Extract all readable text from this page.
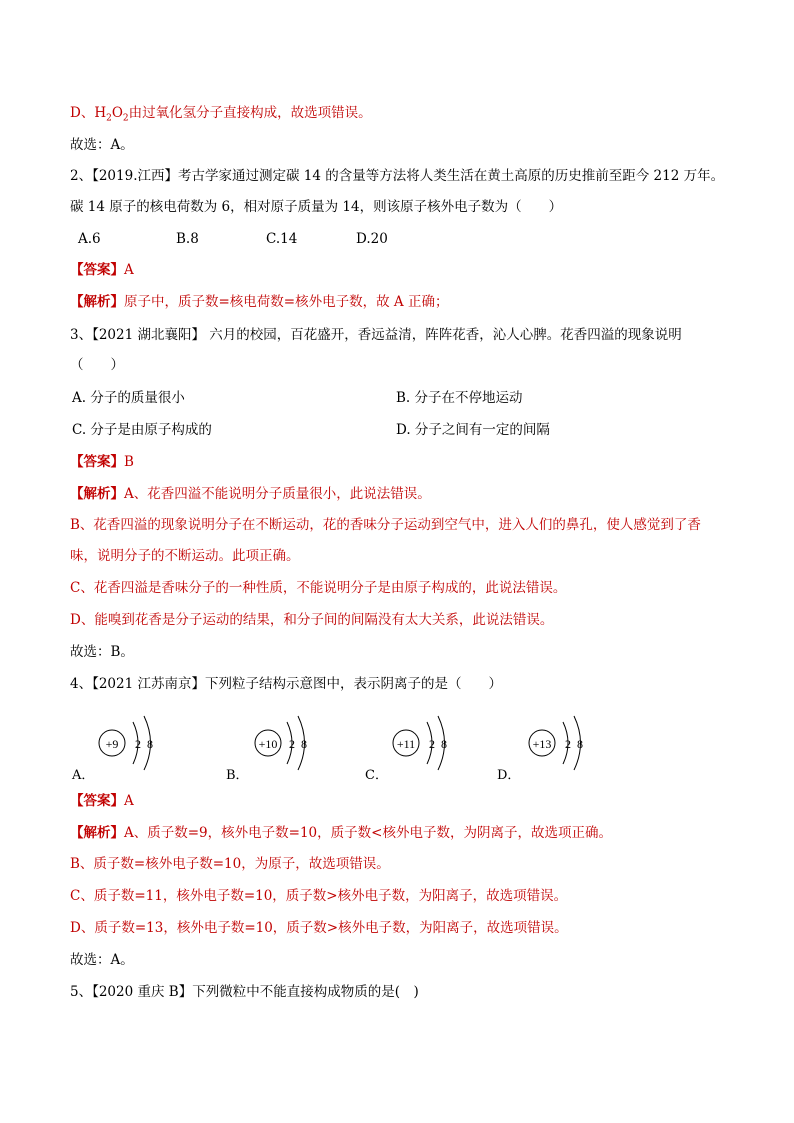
D、$H_2O_2$由过氧化氢分子直接构成，故选项错误。
故选：A。
2、【2019.江西】考古学家通过测定碳 14 的含量等方法将人类生活在黄土高原的历史推前至距今 212 万年。
碳 14 原子的核电荷数为 6，相对原子质量为 14，则该原子核外电子数为（　　）
A.6	B.8	C.14	D.20
【答案】A
【解析】原子中，质子数=核电荷数=核外电子数，故 A 正确；
3、【2021 湖北襄阳】 六月的校园，百花盛开，香远益清，阵阵花香，沁人心脾。花香四溢的现象说明
（　　）
A. 分子的质量很小	B. 分子在不停地运动
C. 分子是由原子构成的	D. 分子之间有一定的间隔
【答案】B
【解析】A、花香四溢不能说明分子质量很小，此说法错误。
B、花香四溢的现象说明分子在不断运动，花的香味分子运动到空气中，进入人们的鼻孔，使人感觉到了香
味，说明分子的不断运动。此项正确。
C、花香四溢是香味分子的一种性质，不能说明分子是由原子构成的，此说法错误。
D、能嗅到花香是分子运动的结果，和分子间的间隔没有太大关系，此说法错误。
故选：B。
4、【2021 江苏南京】下列粒子结构示意图中，表示阴离子的是（　　）
+9 2 8	+10 2 8	+11 2 8	+13 2 8
A．	B．	C．	D．
【答案】A
【解析】A、质子数=9，核外电子数=10，质子数<核外电子数，为阴离子，故选项正确。
B、质子数=核外电子数=10，为原子，故选项错误。
C、质子数=11，核外电子数=10，质子数>核外电子数，为阳离子，故选项错误。
D、质子数=13，核外电子数=10，质子数>核外电子数，为阳离子，故选项错误。
故选：A。
5、【2020 重庆 B】下列微粒中不能直接构成物质的是(　)
